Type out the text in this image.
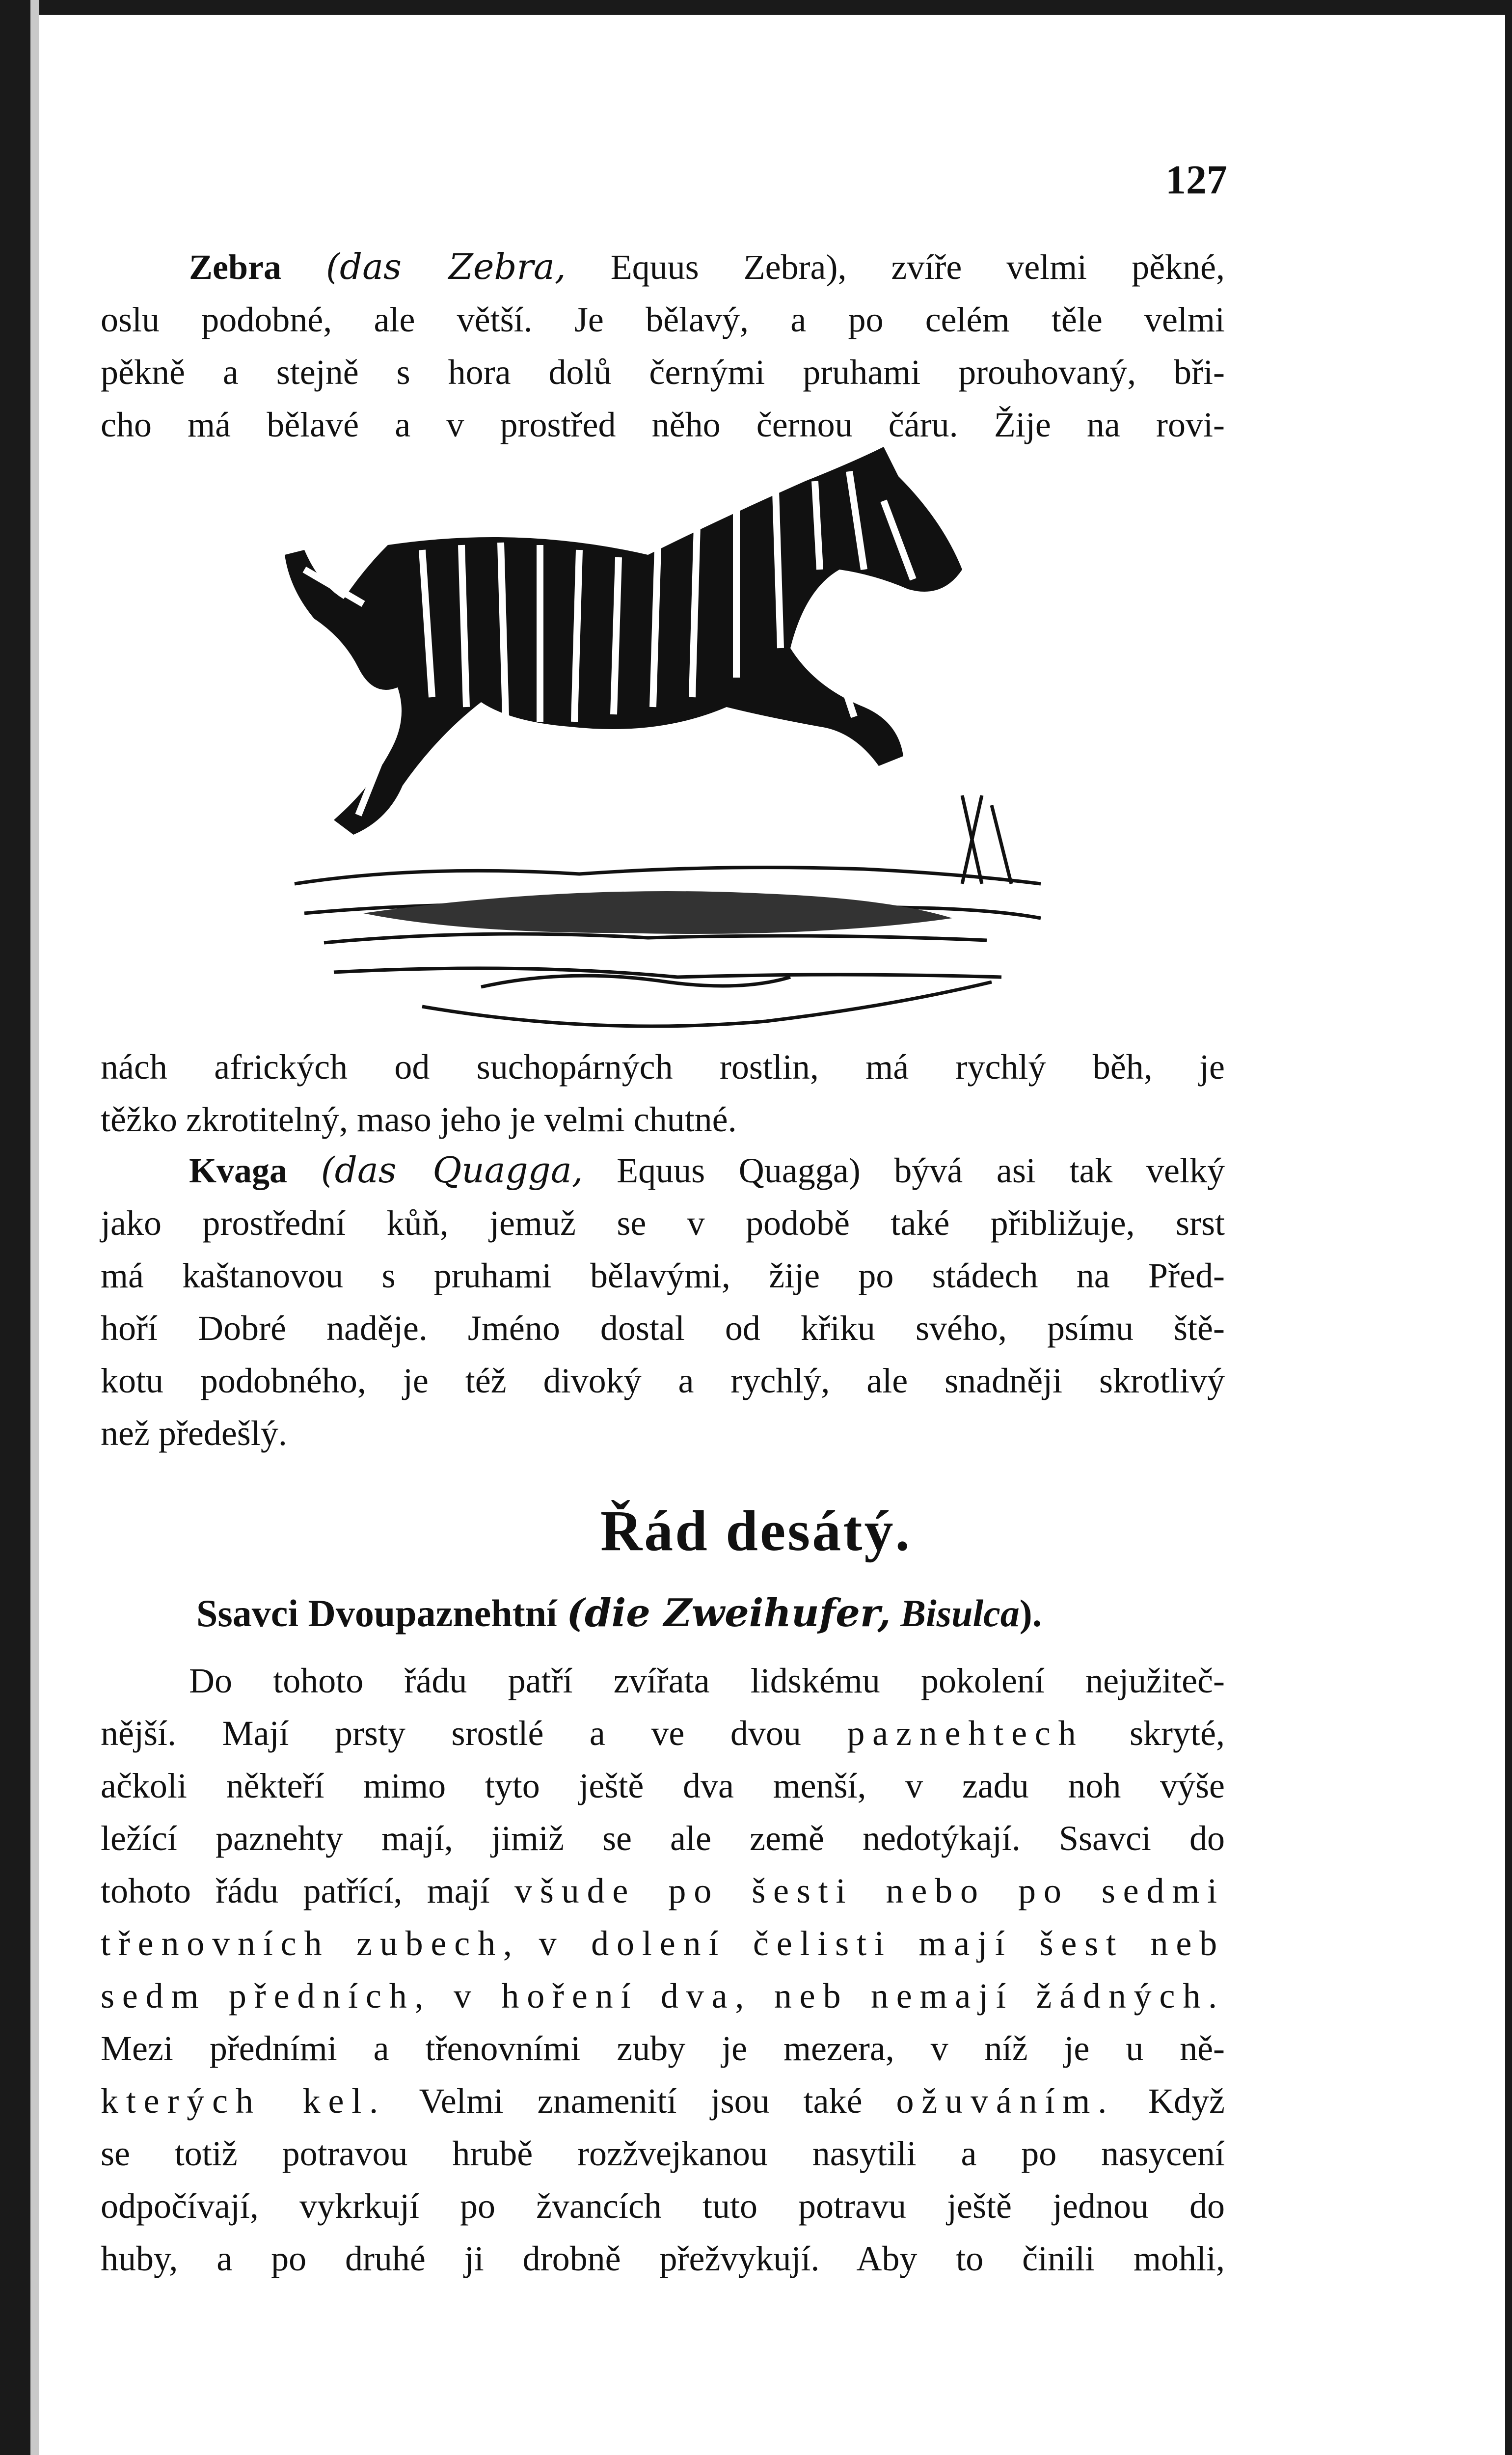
127

Zebra (das Zebra, Equus Zebra), zvíře velmi pěkné,

oslu podobné, ale větší. Je bělavý, a po celém těle velmi

pěkně a stejně s hora dolů černými pruhami prouhovaný, bři-

cho má bělavé a v prostřed něho černou čáru. Žije na rovi-

nách afrických od suchopárných rostlin, má rychlý běh, je

těžko zkrotitelný, maso jeho je velmi chutné.

Kvaga (das Quagga, Equus Quagga) bývá asi tak velký

jako prostřední kůň, jemuž se v podobě také přibližuje, srst

má kaštanovou s pruhami bělavými, žije po stádech na Před-

hoří Dobré naděje. Jméno dostal od křiku svého, psímu ště-

kotu podobného, je též divoký a rychlý, ale snadněji skrotlivý

než předešlý.

Řád desátý.
Ssavci Dvoupaznehtní (die Zweihufer, Bisulca).

Do tohoto řádu patří zvířata lidskému pokolení nejužiteč-

nější. Mají prsty srostlé a ve dvou paznehtech skryté,

ačkoli někteří mimo tyto ještě dva menší, v zadu noh výše

ležící paznehty mají, jimiž se ale země nedotýkají. Ssavci do

tohoto řádu patřící, mají všude po šesti nebo po sedmi

třenovních zubech, v dolení čelisti mají šest neb

sedm předních, v hoření dva, neb nemají žádných.

Mezi předními a třenovními zuby je mezera, v níž je u ně-

kterých kel. Velmi znamenití jsou také ožuváním. Když

se totiž potravou hrubě rozžvejkanou nasytili a po nasycení

odpočívají, vykrkují po žvancích tuto potravu ještě jednou do

huby, a po druhé ji drobně přežvykují. Aby to činili mohli,
